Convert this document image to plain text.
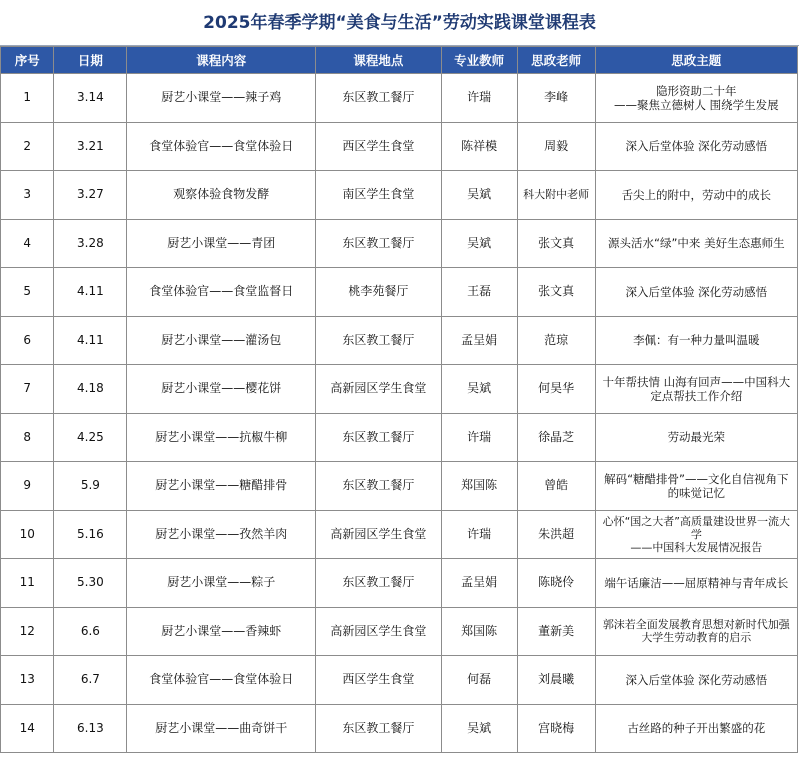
2025年春季学期“美食与生活”劳动实践课堂课程表
序号	日期	课程内容	课程地点	专业教师	思政老师	思政主题
1	3.14	厨艺小课堂——辣子鸡	东区教工餐厅	许瑞	李峰	隐形资助二十年
——聚焦立德树人 围绕学生发展

2	3.21	食堂体验官——食堂体验日	西区学生食堂	陈祥模	周毅	深入后堂体验 深化劳动感悟

3	3.27	观察体验食物发酵	南区学生食堂	吴斌	科大附中老师	舌尖上的附中，劳动中的成长

4	3.28	厨艺小课堂——青团	东区教工餐厅	吴斌	张文真	源头活水“绿”中来 美好生态惠师生

5	4.11	食堂体验官——食堂监督日	桃李苑餐厅	王磊	张文真	深入后堂体验 深化劳动感悟

6	4.11	厨艺小课堂——灌汤包	东区教工餐厅	孟呈娟	范琼	李佩：有一种力量叫温暖

7	4.18	厨艺小课堂——樱花饼	高新园区学生食堂	吴斌	何昊华	十年帮扶情 山海有回声——中国科大定点帮扶工作介绍

8	4.25	厨艺小课堂——抗椒牛柳	东区教工餐厅	许瑞	徐晶芝	劳动最光荣

9	5.9	厨艺小课堂——糖醋排骨	东区教工餐厅	郑国陈	曾皓	解码“糖醋排骨”——文化自信视角下的味觉记忆

10	5.16	厨艺小课堂——孜然羊肉	高新园区学生食堂	许瑞	朱洪超	心怀“国之大者”高质量建设世界一流大学
——中国科大发展情况报告

11	5.30	厨艺小课堂——粽子	东区教工餐厅	孟呈娟	陈晓伶	端午话廉洁——屈原精神与青年成长

12	6.6	厨艺小课堂——香辣虾	高新园区学生食堂	郑国陈	董新美	郭沫若全面发展教育思想对新时代加强大学生劳动教育的启示

13	6.7	食堂体验官——食堂体验日	西区学生食堂	何磊	刘晨曦	深入后堂体验 深化劳动感悟

14	6.13	厨艺小课堂——曲奇饼干	东区教工餐厅	吴斌	宫晓梅	古丝路的种子开出繁盛的花
